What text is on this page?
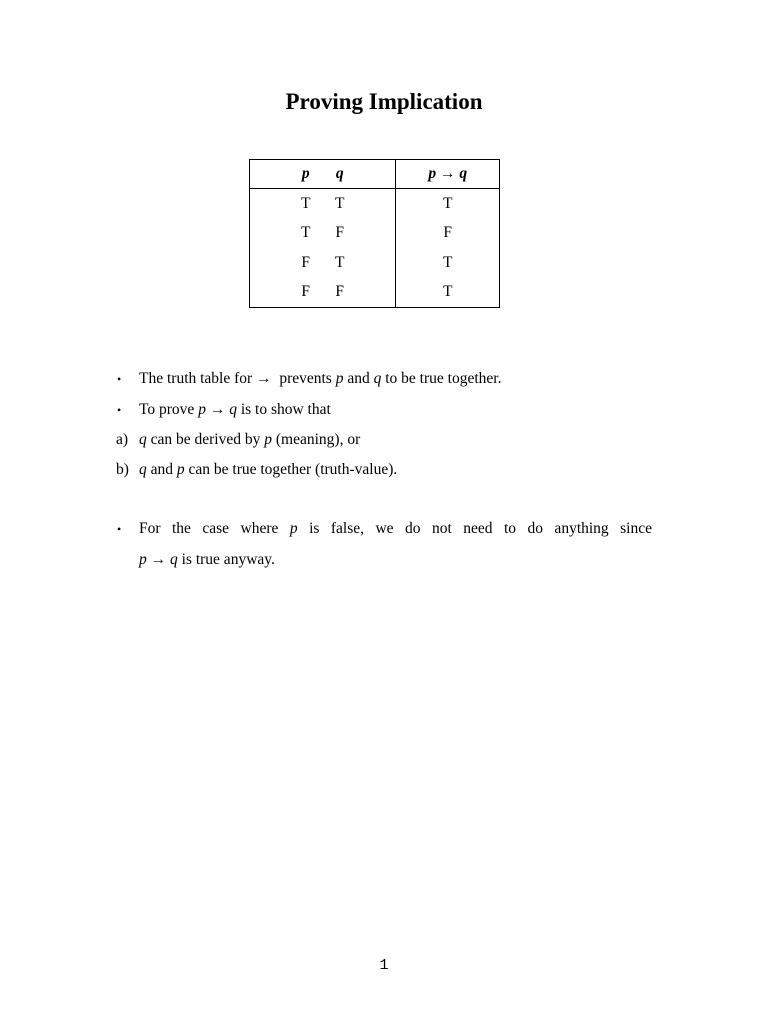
Proving Implication
p q	p → q
T T	T
T F	F
F T	T
F F	T
• The truth table for →  prevents p and q to be true together.
• To prove p → q is to show that
a) q can be derived by p (meaning), or
b) q and p can be true together (truth-value).
• For the case where p is false, we do not need to do anything since
p → q is true anyway.
1
